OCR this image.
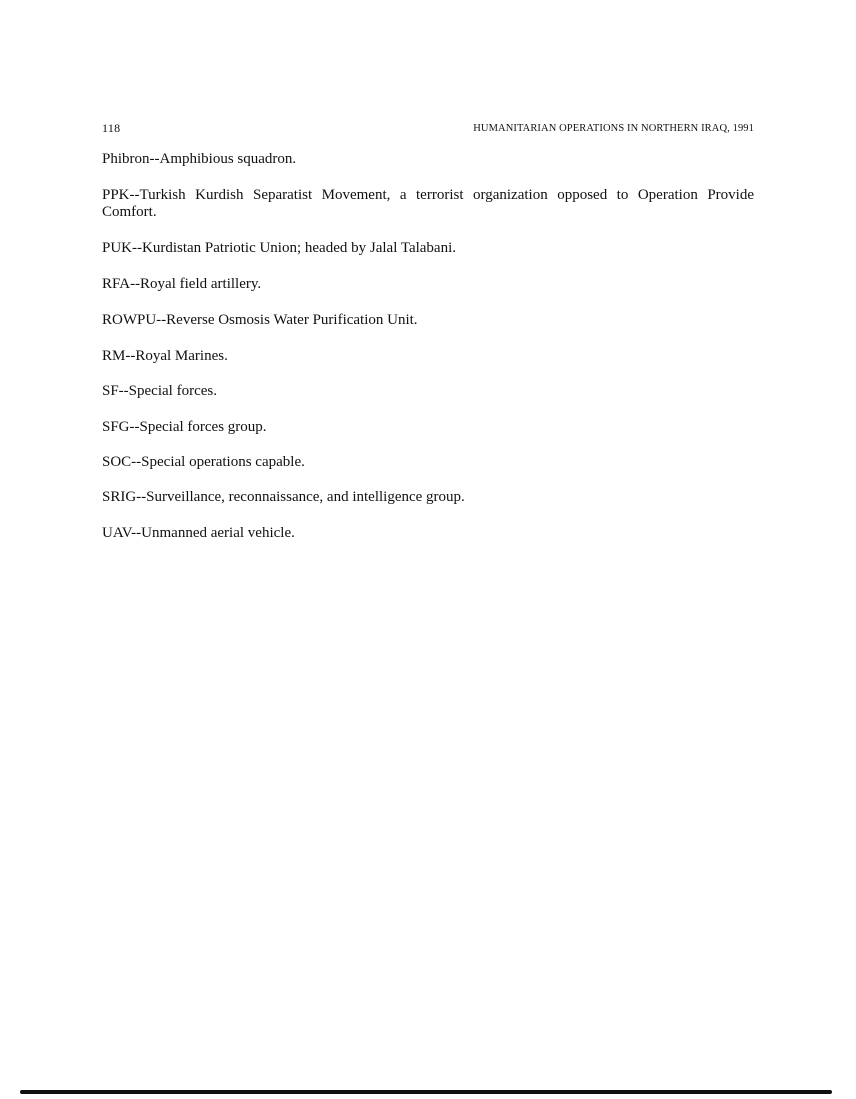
118	HUMANITARIAN OPERATIONS IN NORTHERN IRAQ, 1991
Phibron--Amphibious squadron.
PPK--Turkish Kurdish Separatist Movement, a terrorist organization opposed to Operation Provide Comfort.
PUK--Kurdistan Patriotic Union; headed by Jalal Talabani.
RFA--Royal field artillery.
ROWPU--Reverse Osmosis Water Purification Unit.
RM--Royal Marines.
SF--Special forces.
SFG--Special forces group.
SOC--Special operations capable.
SRIG--Surveillance, reconnaissance, and intelligence group.
UAV--Unmanned aerial vehicle.
